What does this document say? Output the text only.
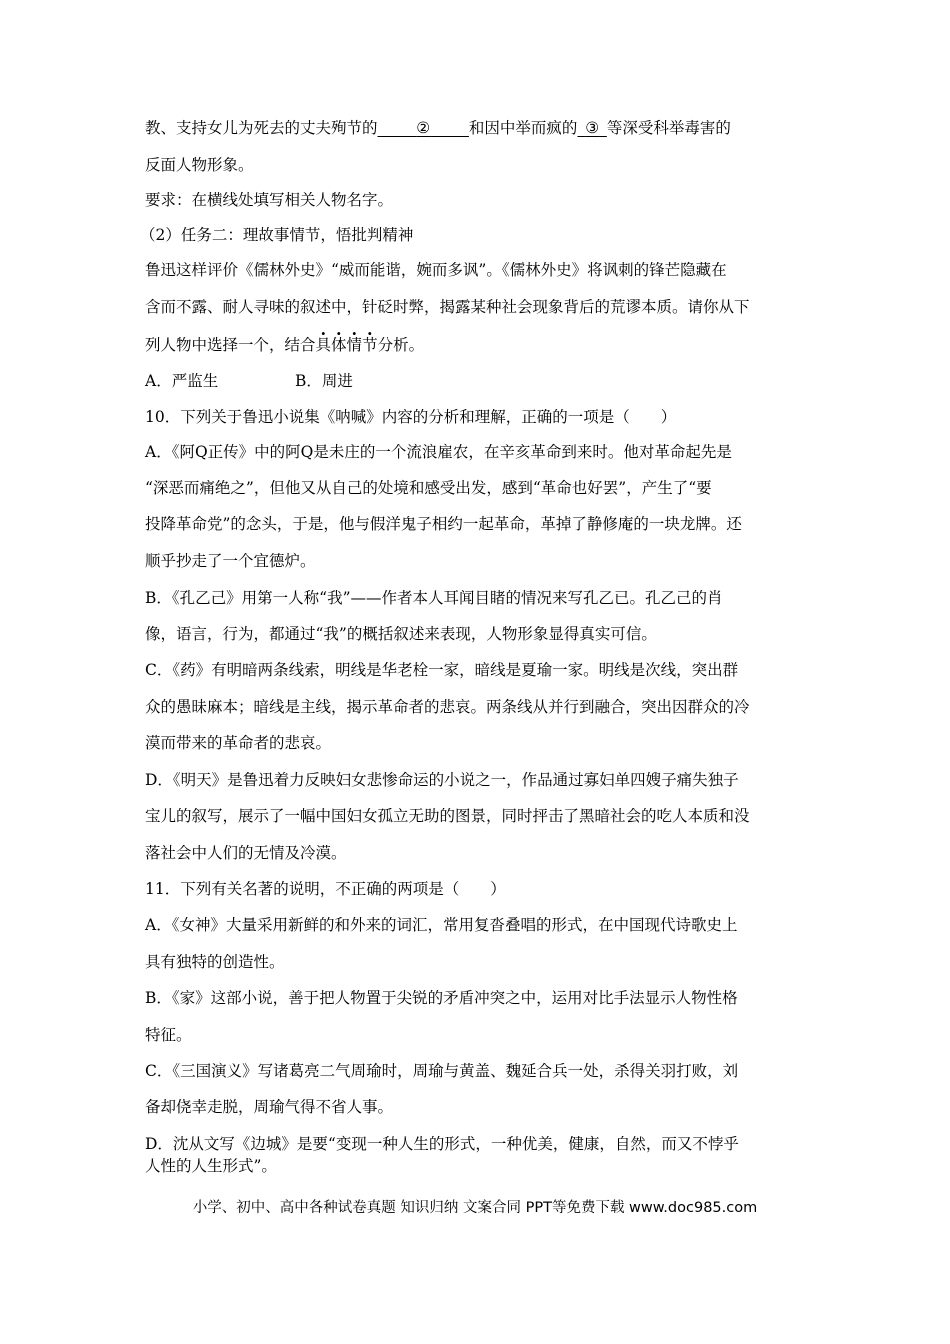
教、支持女儿为死去的丈夫殉节的   	②   	和因中举而疯的  ③  等深受科举毒害的
反面人物形象。
要求：在横线处填写相关人物名字。
（2）任务二：理故事情节，悟批判精神
鲁迅这样评价《儒林外史》“威而能谐，婉而多讽”。《儒林外史》将讽刺的锋芒隐藏在
含而不露、耐人寻味的叙述中，针砭时弊，揭露某种社会现象背后的荒谬本质。请你从下
列人物中选择一个，结合具体情节分析。
A．严监生	B．周进
10．下列关于鲁迅小说集《呐喊》内容的分析和理解，正确的一项是（　　）
A．《阿Q正传》中的阿Q是未庄的一个流浪雇农，在辛亥革命到来时。他对革命起先是
“深恶而痛绝之”，但他又从自己的处境和感受出发，感到“革命也好罢”，产生了“要
投降革命党”的念头，于是，他与假洋鬼子相约一起革命，革掉了静修庵的一块龙牌。还
顺乎抄走了一个宜德炉。
B．《孔乙己》用第一人称“我”——作者本人耳闻目睹的情况来写孔乙已。孔乙己的肖
像，语言，行为，都通过“我”的概括叙述来表现，人物形象显得真实可信。
C．《药》有明暗两条线索，明线是华老栓一家，暗线是夏瑜一家。明线是次线，突出群
众的愚昧麻本；暗线是主线，揭示革命者的悲哀。两条线从并行到融合，突出因群众的冷
漠而带来的革命者的悲哀。
D．《明天》是鲁迅着力反映妇女悲惨命运的小说之一，作品通过寡妇单四嫂子痛失独子
宝儿的叙写，展示了一幅中国妇女孤立无助的图景，同时抨击了黑暗社会的吃人本质和没
落社会中人们的无情及冷漠。
11．下列有关名著的说明，不正确的两项是（　　）
A．《女神》大量采用新鲜的和外来的词汇，常用复沓叠唱的形式，在中国现代诗歌史上
具有独特的创造性。
B．《家》这部小说，善于把人物置于尖锐的矛盾冲突之中，运用对比手法显示人物性格
特征。
C．《三国演义》写诸葛亮二气周瑜时，周瑜与黄盖、魏延合兵一处，杀得关羽打败，刘
备却侥幸走脱，周瑜气得不省人事。
D．沈从文写《边城》是要“变现一种人生的形式，一种优美，健康，自然，而又不悖乎
人性的人生形式”。
小学、初中、高中各种试卷真题 知识归纳 文案合同 PPT等免费下载 www.doc985.com
